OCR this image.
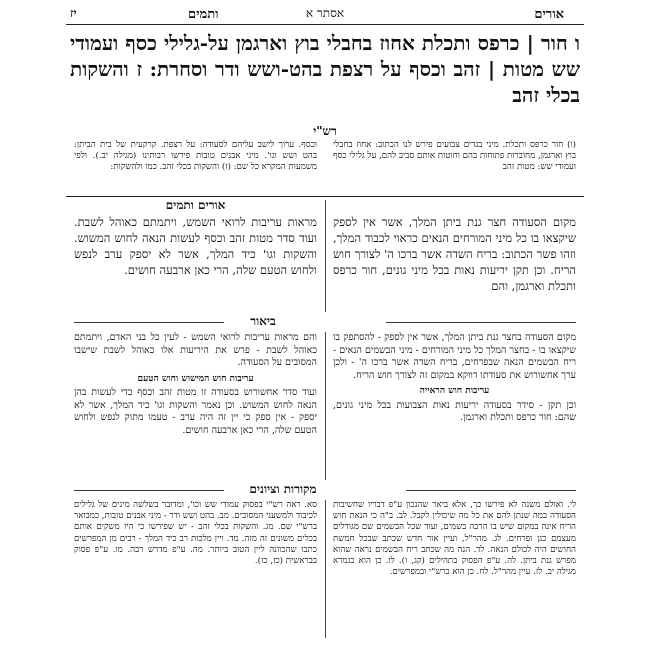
אורים
אסתר א
ותמים
יז
ו חור | כרפס ותכלת אחוז בחבלי בוץ וארגמן על-גלילי כסף ועמודי שש מטות | זהב וכסף על רצפת בהט-ושש ודר וסחרת: ז והשקות בכלי זהב
רש"י
(ו) חור כרפס ותכלת. מיני בגדים צבועים פירש לנו הכתוב: אחוז בחבלי בוץ וארגמן, מחוברות פתוחות בהם וחוטות אותם סביב להם, על גלילי כסף ועמודי שש: מטות זהב
וכסף. ערוך לישב עליהם לסעודה: על רצפת. קרקעית של בית הביתן: בהט ושש וגו'. מיני אבנים טובות פירשו רבותינו (מגילה יב.). ולפי משמעות המקרא כל שם: (ז) והשקות בכלי זהב. כמו ולהשקות:
אורים ותמים
מקום הסעודה חצר גנת ביתן המלך, אשר אין לספק שיקצאו בו כל מיני המורחים הנאים כראוי לכבוד המלך, וזהו פשר הכתוב: בריח השדה אשר ברכו ה' לצורך חוש הריח. וכן תקן יריעות נאות בכל מיני גונים, חור כרפס ותכלת וארגמן, והם
מראות עריבות לרואי השמש, ויתמתם כאוהל לשבת. ועוד סדר מטות זהב וכסף לעשות הנאה לחוש המשוש. והשקות וגו' כיד המלך, אשר לא יספק ערב לנפש ולחוש הטעם שלה, הרי כאן ארבעה חושים.
ביאור

מקום הסעודה בחצר גנת ביתן המלך, אשר אין לספק - להסתפק בו שיקצאו בו - בחצר המלך כל מיני המורחים - מיני הבשמים הנאים - ריח הבשמים הנאה שבפרחים, בריח השדה אשר ברכו ה' - ולכן ערך אחשורוש את סעודתו דווקא במקום זה לצורך חוש הריח.

עריבות חוש הראייה

וכן תקן - סידר בסעודה יריעות נאות הצבועות בכל מיני גונים, שהם: חור כרפס ותכלת וארגמן.

והם מראות עריבות לרואי השמש - לעין כל בני האדם, ויתמתם כאוהל לשבת - פרש את היריעות אלו כאוהל לשבת שישבו המסובים על הסעודה.

עריבות חוש המישוש וחוש הטעם

ועוד סדר אחשורוש בסעודה זו מטות זהב וכסף כדי לעשות בהן הנאה לחוש המשוש. וכן נאמר והשקות וגו' כיד המלך, אשר לא יספק - אין ספק כי יין זה היה ערב - טעמו מתוק לנפש ולחוש הטעם שלה, הרי כאן ארבעה חושים.

מקורות וציונים
לי. ואולם משנה לא פירשו כך, אלא ביאר שהנכון ע"פ דבריו שחשיבות הסעודה במה שנתן להם את כל מה שיכולין לקבל. לב. ב"ה כי הנאת חוש הריח אינה במקום שיש בו הרבה בשמים, ועוד שכל הבשמים שם מגודלים מעצמם כגן ופרחים. לג. מהר"ל, ועיין אור חדש שכתב שבכל חמשת החושים היה לכולם הנאה. לד. הנה מה שכתב ריח הבשמים נראה שהוא מפרש גנת ביתן. לה. ע"פ הפסוק בתהילים (קג, ו). לו. כן הוא בגמרא מגילה יב. לז. עיין מהר"ל. לח. כן הוא ברש"י ובמפרשים.
סא. ראה רש"י בפסוק עמודי שש וכו', ומדובר בשלשה מינים של גלילים לכיבוד ולמשעני המסובים. מב. בהט ושש ודר - מיני אבנים טובות, כמבואר ברש"י שם. מג. והשקות בכלי זהב - יש שפירשו כי היו משקים אותם בכלים משונים זה מזה. מד. ויין מלכות רב כיד המלך - רבים מן המפרשים כתבו שהכוונה ליין הטוב ביותר. מה. ע"פ מדרש רבה. מו. ע"פ פסוק בבראשית (כז, כז).
